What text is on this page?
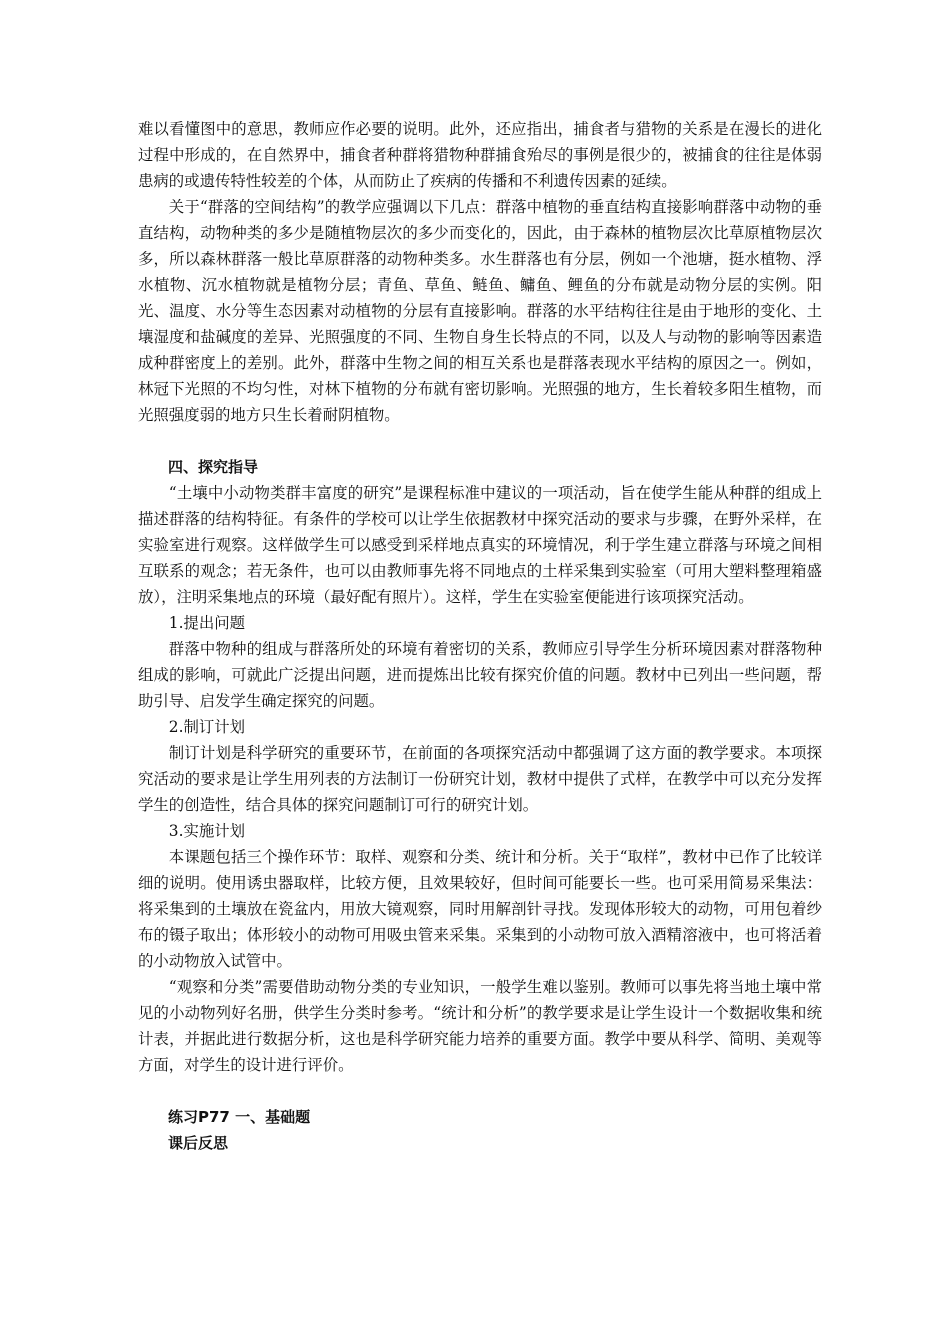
难以看懂图中的意思，教师应作必要的说明。此外，还应指出，捕食者与猎物的关系是在漫长的进化过程中形成的，在自然界中，捕食者种群将猎物种群捕食殆尽的事例是很少的，被捕食的往往是体弱患病的或遗传特性较差的个体，从而防止了疾病的传播和不利遗传因素的延续。

关于“群落的空间结构”的教学应强调以下几点：群落中植物的垂直结构直接影响群落中动物的垂直结构，动物种类的多少是随植物层次的多少而变化的，因此，由于森林的植物层次比草原植物层次多，所以森林群落一般比草原群落的动物种类多。水生群落也有分层，例如一个池塘，挺水植物、浮水植物、沉水植物就是植物分层；青鱼、草鱼、鲢鱼、鳙鱼、鲤鱼的分布就是动物分层的实例。阳光、温度、水分等生态因素对动植物的分层有直接影响。群落的水平结构往往是由于地形的变化、土壤湿度和盐碱度的差异、光照强度的不同、生物自身生长特点的不同，以及人与动物的影响等因素造成种群密度上的差别。此外，群落中生物之间的相互关系也是群落表现水平结构的原因之一。例如，林冠下光照的不均匀性，对林下植物的分布就有密切影响。光照强的地方，生长着较多阳生植物，而光照强度弱的地方只生长着耐阴植物。

四、探究指导

“土壤中小动物类群丰富度的研究”是课程标准中建议的一项活动，旨在使学生能从种群的组成上描述群落的结构特征。有条件的学校可以让学生依据教材中探究活动的要求与步骤，在野外采样，在实验室进行观察。这样做学生可以感受到采样地点真实的环境情况，利于学生建立群落与环境之间相互联系的观念；若无条件，也可以由教师事先将不同地点的土样采集到实验室（可用大塑料整理箱盛放），注明采集地点的环境（最好配有照片）。这样，学生在实验室便能进行该项探究活动。

1.提出问题

群落中物种的组成与群落所处的环境有着密切的关系，教师应引导学生分析环境因素对群落物种组成的影响，可就此广泛提出问题，进而提炼出比较有探究价值的问题。教材中已列出一些问题，帮助引导、启发学生确定探究的问题。

2.制订计划

制订计划是科学研究的重要环节，在前面的各项探究活动中都强调了这方面的教学要求。本项探究活动的要求是让学生用列表的方法制订一份研究计划，教材中提供了式样，在教学中可以充分发挥学生的创造性，结合具体的探究问题制订可行的研究计划。

3.实施计划

本课题包括三个操作环节：取样、观察和分类、统计和分析。关于“取样”，教材中已作了比较详细的说明。使用诱虫器取样，比较方便，且效果较好，但时间可能要长一些。也可采用简易采集法：将采集到的土壤放在瓷盆内，用放大镜观察，同时用解剖针寻找。发现体形较大的动物，可用包着纱布的镊子取出；体形较小的动物可用吸虫管来采集。采集到的小动物可放入酒精溶液中，也可将活着的小动物放入试管中。

“观察和分类”需要借助动物分类的专业知识，一般学生难以鉴别。教师可以事先将当地土壤中常见的小动物列好名册，供学生分类时参考。“统计和分析”的教学要求是让学生设计一个数据收集和统计表，并据此进行数据分析，这也是科学研究能力培养的重要方面。教学中要从科学、简明、美观等方面，对学生的设计进行评价。

练习P77 一、基础题

课后反思
